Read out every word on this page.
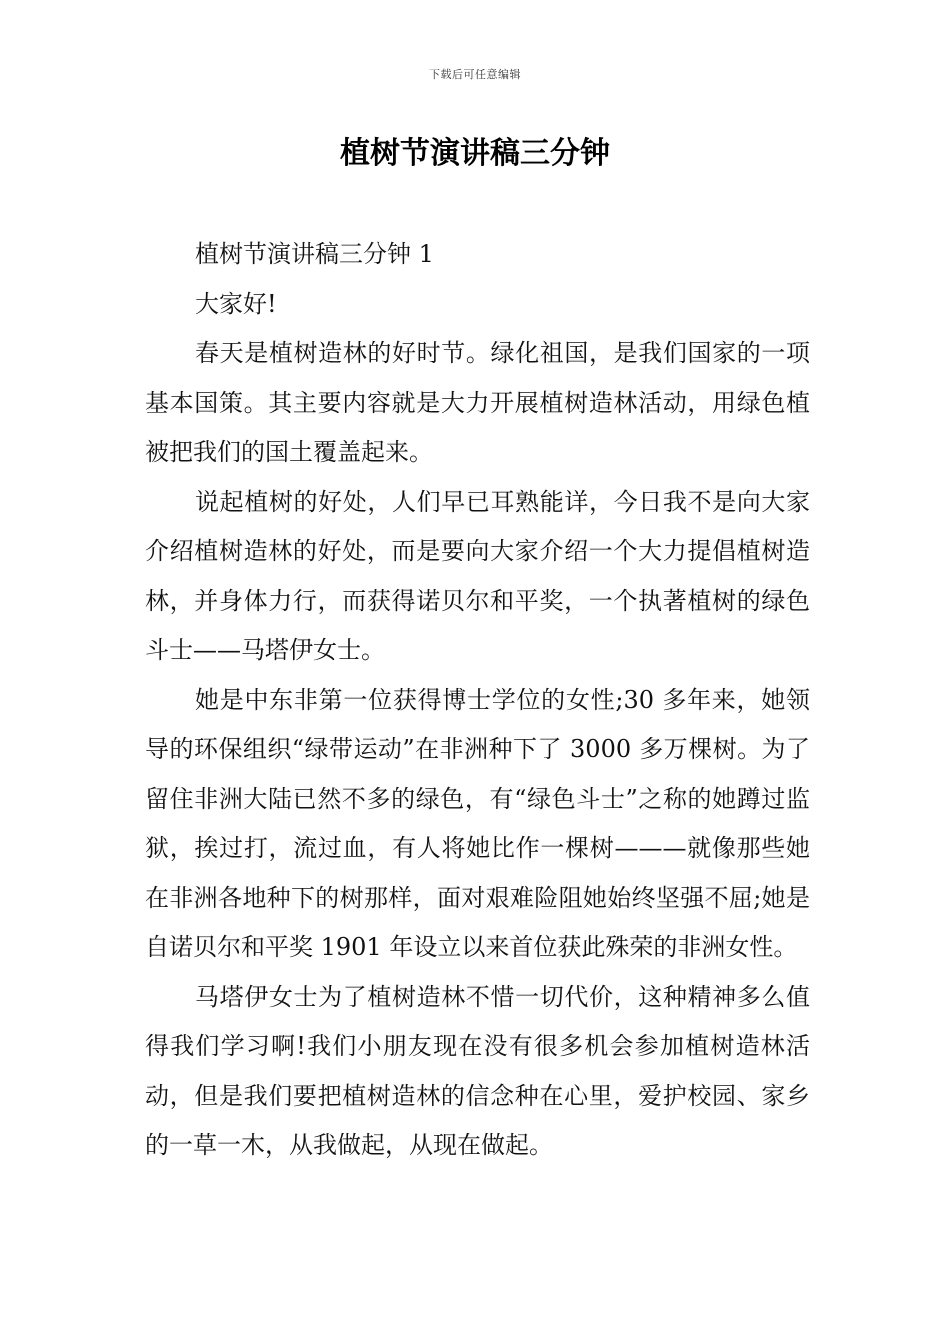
下载后可任意编辑
植树节演讲稿三分钟

植树节演讲稿三分钟 1

大家好!

春天是植树造林的好时节。绿化祖国，是我们国家的一项基本国策。其主要内容就是大力开展植树造林活动，用绿色植被把我们的国土覆盖起来。

说起植树的好处，人们早已耳熟能详，今日我不是向大家介绍植树造林的好处，而是要向大家介绍一个大力提倡植树造林，并身体力行，而获得诺贝尔和平奖，一个执著植树的绿色斗士——马塔伊女士。

她是中东非第一位获得博士学位的女性;30 多年来，她领导的环保组织“绿带运动”在非洲种下了 3000 多万棵树。为了留住非洲大陆已然不多的绿色，有“绿色斗士”之称的她蹲过监狱，挨过打，流过血，有人将她比作一棵树———就像那些她在非洲各地种下的树那样，面对艰难险阻她始终坚强不屈;她是自诺贝尔和平奖 1901 年设立以来首位获此殊荣的非洲女性。

马塔伊女士为了植树造林不惜一切代价，这种精神多么值得我们学习啊!我们小朋友现在没有很多机会参加植树造林活动，但是我们要把植树造林的信念种在心里，爱护校园、家乡的一草一木，从我做起，从现在做起。
